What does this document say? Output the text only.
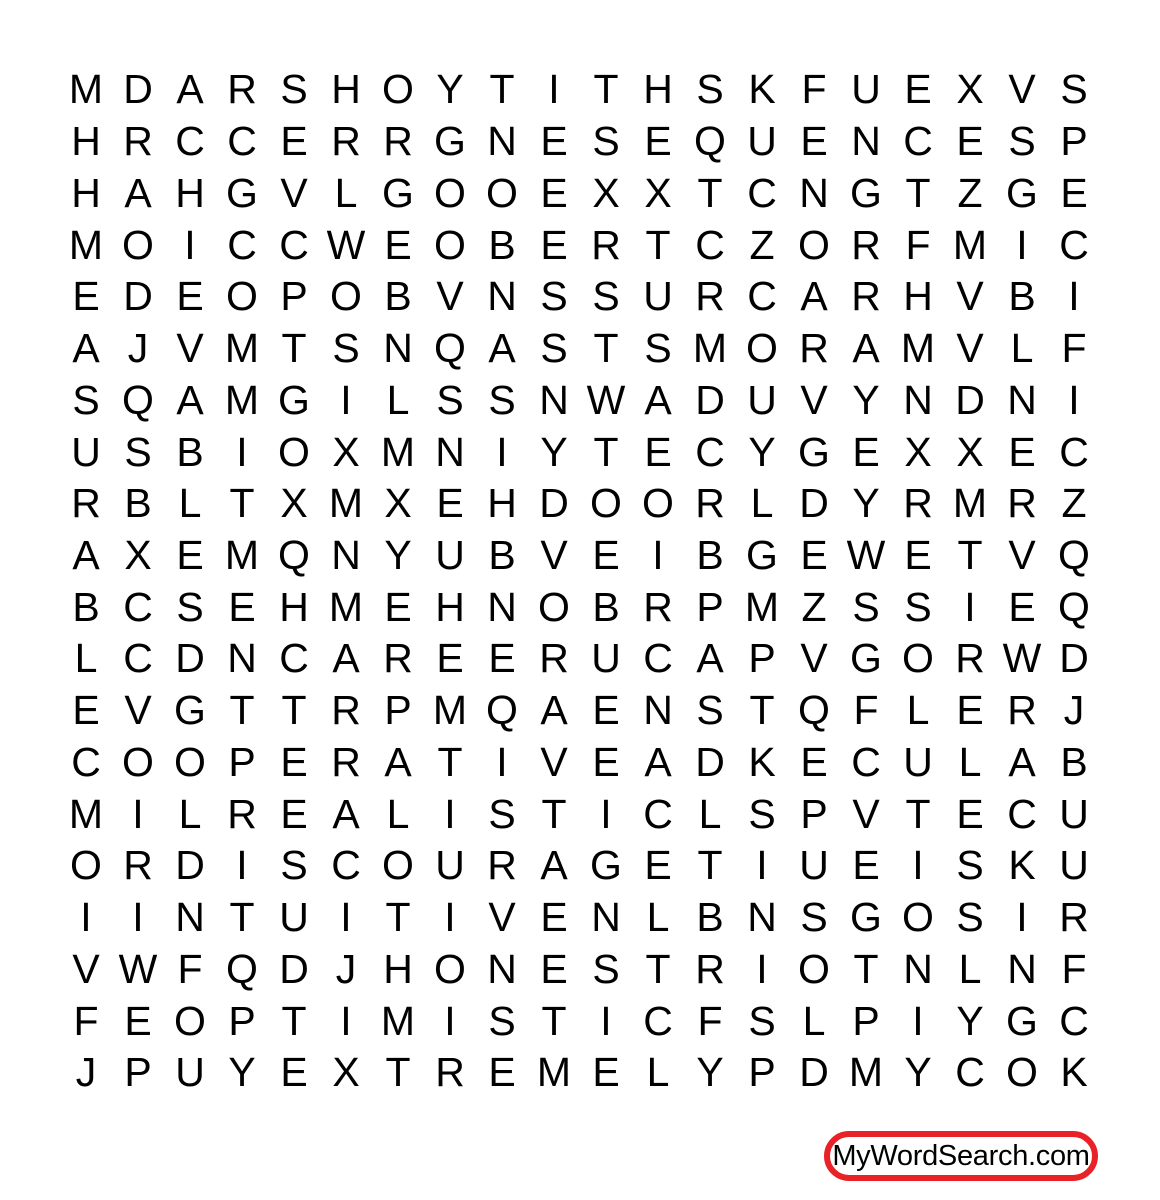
M D A R S H O Y T I T H S K F U E X V S
H R C C E R R G N E S E Q U E N C E S P
H A H G V L G O O E X X T C N G T Z G E
M O I C C W E O B E R T C Z O R F M I C
E D E O P O B V N S S U R C A R H V B I
A J V M T S N Q A S T S M O R A M V L F
S Q A M G I L S S N W A D U V Y N D N I
U S B I O X M N I Y T E C Y G E X X E C
R B L T X M X E H D O O R L D Y R M R Z
A X E M Q N Y U B V E I B G E W E T V Q
B C S E H M E H N O B R P M Z S S I E Q
L C D N C A R E E R U C A P V G O R W D
E V G T T R P M Q A E N S T Q F L E R J
C O O P E R A T I V E A D K E C U L A B
M I L R E A L I S T I C L S P V T E C U
O R D I S C O U R A G E T I U E I S K U
I I N T U I T I V E N L B N S G O S I R
V W F Q D J H O N E S T R I O T N L N F
F E O P T I M I S T I C F S L P I Y G C
J P U Y E X T R E M E L Y P D M Y C O K
MyWordSearch.com
